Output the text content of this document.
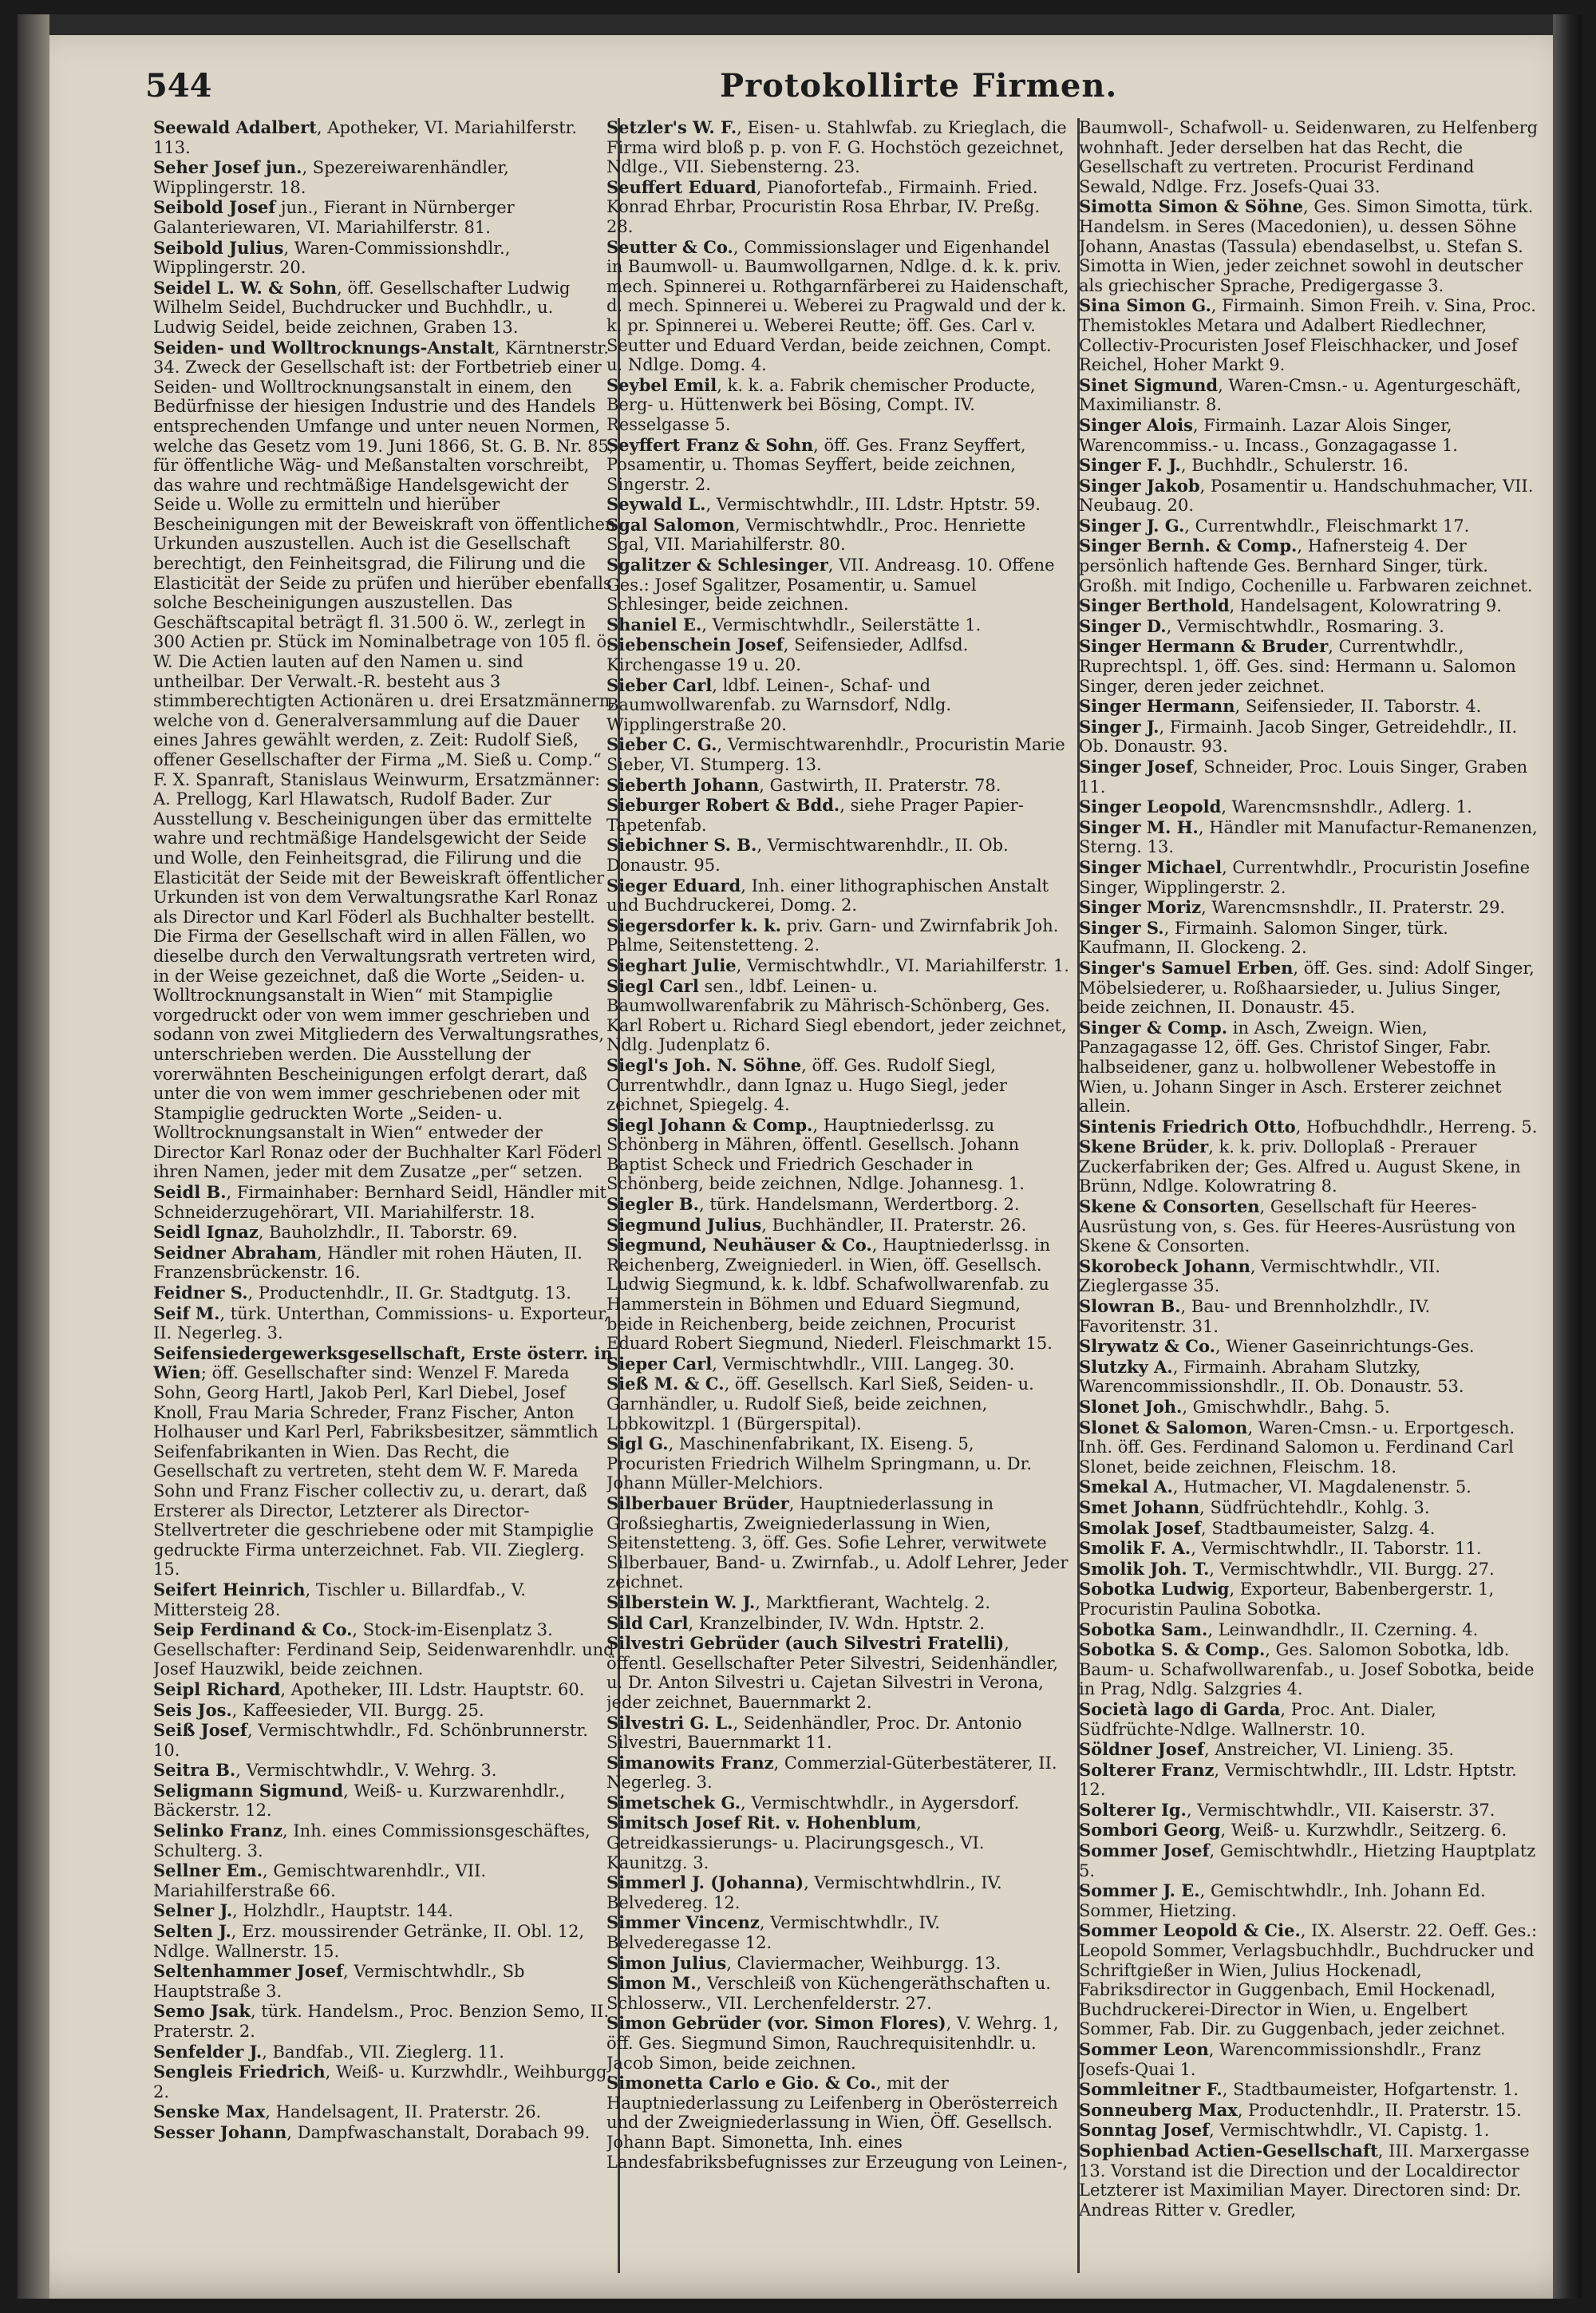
544	Protokollirte Firmen.
Seewald Adalbert, Apotheker, VI. Mariahilferstr. 113.
Seher Josef jun., Spezereiwarenhändler, Wipplingerstr. 18.
Seibold Josef jun., Fierant in Nürnberger Galanteriewaren, VI. Mariahilferstr. 81.
Seibold Julius, Waren-Commissionshdlr., Wipplingerstr. 20.
Seidel L. W. & Sohn, öff. Gesellschafter Ludwig Wilhelm Seidel, Buchdrucker und Buchhdlr., u. Ludwig Seidel, beide zeichnen, Graben 13.
Seiden- und Wolltrocknungs-Anstalt, Kärntnerstr. 34. Zweck der Gesellschaft ist: der Fortbetrieb einer Seiden- und Wolltrocknungsanstalt in einem, den Bedürfnisse der hiesigen Industrie und des Handels entsprechenden Umfange und unter neuen Normen, welche das Gesetz vom 19. Juni 1866, St. G. B. Nr. 85, für öffentliche Wäg- und Meßanstalten vorschreibt, das wahre und rechtmäßige Handelsgewicht der Seide u. Wolle zu ermitteln und hierüber Bescheinigungen mit der Beweiskraft von öffentlichen Urkunden auszustellen. Auch ist die Gesellschaft berechtigt, den Feinheitsgrad, die Filirung und die Elasticität der Seide zu prüfen und hierüber ebenfalls solche Bescheinigungen auszustellen. Das Geschäftscapital beträgt fl. 31.500 ö. W., zerlegt in 300 Actien pr. Stück im Nominalbetrage von 105 fl. ö. W. Die Actien lauten auf den Namen u. sind untheilbar. Der Verwalt.-R. besteht aus 3 stimmberechtigten Actionären u. drei Ersatzmännern, welche von d. Generalversammlung auf die Dauer eines Jahres gewählt werden, z. Zeit: Rudolf Sieß, offener Gesellschafter der Firma „M. Sieß u. Comp.“ F. X. Spanraft, Stanislaus Weinwurm, Ersatzmänner: A. Prellogg, Karl Hlawatsch, Rudolf Bader. Zur Ausstellung v. Bescheinigungen über das ermittelte wahre und rechtmäßige Handelsgewicht der Seide und Wolle, den Feinheitsgrad, die Filirung und die Elasticität der Seide mit der Beweiskraft öffentlicher Urkunden ist von dem Verwaltungsrathe Karl Ronaz als Director und Karl Föderl als Buchhalter bestellt. Die Firma der Gesellschaft wird in allen Fällen, wo dieselbe durch den Verwaltungsrath vertreten wird, in der Weise gezeichnet, daß die Worte „Seiden- u. Wolltrocknungsanstalt in Wien“ mit Stampiglie vorgedruckt oder von wem immer geschrieben und sodann von zwei Mitgliedern des Verwaltungsrathes, unterschrieben werden. Die Ausstellung der vorerwähnten Bescheinigungen erfolgt derart, daß unter die von wem immer geschriebenen oder mit Stampiglie gedruckten Worte „Seiden- u. Wolltrocknungsanstalt in Wien“ entweder der Director Karl Ronaz oder der Buchhalter Karl Föderl ihren Namen, jeder mit dem Zusatze „per“ setzen.
Seidl B., Firmainhaber: Bernhard Seidl, Händler mit Schneiderzugehörart, VII. Mariahilferstr. 18.
Seidl Ignaz, Bauholzhdlr., II. Taborstr. 69.
Seidner Abraham, Händler mit rohen Häuten, II. Franzensbrückenstr. 16.
Feidner S., Productenhdlr., II. Gr. Stadtgutg. 13.
Seif M., türk. Unterthan, Commissions- u. Exporteur, II. Negerleg. 3.
Seifensiedergewerksgesellschaft, Erste österr. in Wien; öff. Gesellschafter sind: Wenzel F. Mareda Sohn, Georg Hartl, Jakob Perl, Karl Diebel, Josef Knoll, Frau Maria Schreder, Franz Fischer, Anton Holhauser und Karl Perl, Fabriksbesitzer, sämmtlich Seifenfabrikanten in Wien. Das Recht, die Gesellschaft zu vertreten, steht dem W. F. Mareda Sohn und Franz Fischer collectiv zu, u. derart, daß Ersterer als Director, Letzterer als Director-Stellvertreter die geschriebene oder mit Stampiglie gedruckte Firma unterzeichnet. Fab. VII. Zieglerg. 15.
Seifert Heinrich, Tischler u. Billardfab., V. Mittersteig 28.
Seip Ferdinand & Co., Stock-im-Eisenplatz 3. Gesellschafter: Ferdinand Seip, Seidenwarenhdlr. und Josef Hauzwikl, beide zeichnen.
Seipl Richard, Apotheker, III. Ldstr. Hauptstr. 60.
Seis Jos., Kaffeesieder, VII. Burgg. 25.
Seiß Josef, Vermischtwhdlr., Fd. Schönbrunnerstr. 10.
Seitra B., Vermischtwhdlr., V. Wehrg. 3.
Seligmann Sigmund, Weiß- u. Kurzwarenhdlr., Bäckerstr. 12.
Selinko Franz, Inh. eines Commissionsgeschäftes, Schulterg. 3.
Sellner Em., Gemischtwarenhdlr., VII. Mariahilferstraße 66.
Selner J., Holzhdlr., Hauptstr. 144.
Selten J., Erz. moussirender Getränke, II. Obl. 12, Ndlge. Wallnerstr. 15.
Seltenhammer Josef, Vermischtwhdlr., Sb Hauptstraße 3.
Semo Jsak, türk. Handelsm., Proc. Benzion Semo, II. Praterstr. 2.
Senfelder J., Bandfab., VII. Zieglerg. 11.
Sengleis Friedrich, Weiß- u. Kurzwhdlr., Weihburgg. 2.
Senske Max, Handelsagent, II. Praterstr. 26.
Sesser Johann, Dampfwaschanstalt, Dorabach 99.
Setzler's W. F., Eisen- u. Stahlwfab. zu Krieglach, die Firma wird bloß p. p. von F. G. Hochstöch gezeichnet, Ndlge., VII. Siebensterng. 23.
Seuffert Eduard, Pianofortefab., Firmainh. Fried. Konrad Ehrbar, Procuristin Rosa Ehrbar, IV. Preßg. 28.
Seutter & Co., Commissionslager und Eigenhandel in Baumwoll- u. Baumwollgarnen, Ndlge. d. k. k. priv. mech. Spinnerei u. Rothgarnfärberei zu Haidenschaft, d. mech. Spinnerei u. Weberei zu Pragwald und der k. k. pr. Spinnerei u. Weberei Reutte; öff. Ges. Carl v. Seutter und Eduard Verdan, beide zeichnen, Compt. u. Ndlge. Domg. 4.
Seybel Emil, k. k. a. Fabrik chemischer Producte, Berg- u. Hüttenwerk bei Bösing, Compt. IV. Resselgasse 5.
Seyffert Franz & Sohn, öff. Ges. Franz Seyffert, Posamentir, u. Thomas Seyffert, beide zeichnen, Singerstr. 2.
Seywald L., Vermischtwhdlr., III. Ldstr. Hptstr. 59.
Sgal Salomon, Vermischtwhdlr., Proc. Henriette Sgal, VII. Mariahilferstr. 80.
Sgalitzer & Schlesinger, VII. Andreasg. 10. Offene Ges.: Josef Sgalitzer, Posamentir, u. Samuel Schlesinger, beide zeichnen.
Shaniel E., Vermischtwhdlr., Seilerstätte 1.
Siebenschein Josef, Seifensieder, Adlfsd. Kirchengasse 19 u. 20.
Sieber Carl, ldbf. Leinen-, Schaf- und Baumwollwarenfab. zu Warnsdorf, Ndlg. Wipplingerstraße 20.
Sieber C. G., Vermischtwarenhdlr., Procuristin Marie Sieber, VI. Stumperg. 13.
Sieberth Johann, Gastwirth, II. Praterstr. 78.
Sieburger Robert & Bdd., siehe Prager Papier-Tapetenfab.
Siebichner S. B., Vermischtwarenhdlr., II. Ob. Donaustr. 95.
Sieger Eduard, Inh. einer lithographischen Anstalt und Buchdruckerei, Domg. 2.
Siegersdorfer k. k. priv. Garn- und Zwirnfabrik Joh. Palme, Seitenstetteng. 2.
Sieghart Julie, Vermischtwhdlr., VI. Mariahilferstr. 1.
Siegl Carl sen., ldbf. Leinen- u. Baumwollwarenfabrik zu Mährisch-Schönberg, Ges. Karl Robert u. Richard Siegl ebendort, jeder zeichnet, Ndlg. Judenplatz 6.
Siegl's Joh. N. Söhne, öff. Ges. Rudolf Siegl, Currentwhdlr., dann Ignaz u. Hugo Siegl, jeder zeichnet, Spiegelg. 4.
Siegl Johann & Comp., Hauptniederlssg. zu Schönberg in Mähren, öffentl. Gesellsch. Johann Baptist Scheck und Friedrich Geschader in Schönberg, beide zeichnen, Ndlge. Johannesg. 1.
Siegler B., türk. Handelsmann, Werdertborg. 2.
Siegmund Julius, Buchhändler, II. Praterstr. 26.
Siegmund, Neuhäuser & Co., Hauptniederlssg. in Reichenberg, Zweigniederl. in Wien, öff. Gesellsch. Ludwig Siegmund, k. k. ldbf. Schafwollwarenfab. zu Hammerstein in Böhmen und Eduard Siegmund, beide in Reichenberg, beide zeichnen, Procurist Eduard Robert Siegmund, Niederl. Fleischmarkt 15.
Sieper Carl, Vermischtwhdlr., VIII. Langeg. 30.
Sieß M. & C., öff. Gesellsch. Karl Sieß, Seiden- u. Garnhändler, u. Rudolf Sieß, beide zeichnen, Lobkowitzpl. 1 (Bürgerspital).
Sigl G., Maschinenfabrikant, IX. Eiseng. 5, Procuristen Friedrich Wilhelm Springmann, u. Dr. Johann Müller-Melchiors.
Silberbauer Brüder, Hauptniederlassung in Großsieghartis, Zweigniederlassung in Wien, Seitenstetteng. 3, öff. Ges. Sofie Lehrer, verwitwete Silberbauer, Band- u. Zwirnfab., u. Adolf Lehrer, Jeder zeichnet.
Silberstein W. J., Marktfierant, Wachtelg. 2.
Sild Carl, Kranzelbinder, IV. Wdn. Hptstr. 2.
Silvestri Gebrüder (auch Silvestri Fratelli), öffentl. Gesellschafter Peter Silvestri, Seidenhändler, u. Dr. Anton Silvestri u. Cajetan Silvestri in Verona, jeder zeichnet, Bauernmarkt 2.
Silvestri G. L., Seidenhändler, Proc. Dr. Antonio Silvestri, Bauernmarkt 11.
Simanowits Franz, Commerzial-Güterbestäterer, II. Negerleg. 3.
Simetschek G., Vermischtwhdlr., in Aygersdorf.
Simitsch Josef Rit. v. Hohenblum, Getreidkassierungs- u. Placirungsgesch., VI. Kaunitzg. 3.
Simmerl J. (Johanna), Vermischtwhdlrin., IV. Belvedereg. 12.
Simmer Vincenz, Vermischtwhdlr., IV. Belvederegasse 12.
Simon Julius, Claviermacher, Weihburgg. 13.
Simon M., Verschleiß von Küchengeräthschaften u. Schlosserw., VII. Lerchenfelderstr. 27.
Simon Gebrüder (vor. Simon Flores), V. Wehrg. 1, öff. Ges. Siegmund Simon, Rauchrequisitenhdlr. u. Jacob Simon, beide zeichnen.
Simonetta Carlo e Gio. & Co., mit der Hauptniederlassung zu Leifenberg in Oberösterreich und der Zweigniederlassung in Wien, Öff. Gesellsch. Johann Bapt. Simonetta, Inh. eines Landesfabriksbefugnisses zur Erzeugung von Leinen-,
Baumwoll-, Schafwoll- u. Seidenwaren, zu Helfenberg wohnhaft. Jeder derselben hat das Recht, die Gesellschaft zu vertreten. Procurist Ferdinand Sewald, Ndlge. Frz. Josefs-Quai 33.
Simotta Simon & Söhne, Ges. Simon Simotta, türk. Handelsm. in Seres (Macedonien), u. dessen Söhne Johann, Anastas (Tassula) ebendaselbst, u. Stefan S. Simotta in Wien, jeder zeichnet sowohl in deutscher als griechischer Sprache, Predigergasse 3.
Sina Simon G., Firmainh. Simon Freih. v. Sina, Proc. Themistokles Metara und Adalbert Riedlechner, Collectiv-Procuristen Josef Fleischhacker, und Josef Reichel, Hoher Markt 9.
Sinet Sigmund, Waren-Cmsn.- u. Agenturgeschäft, Maximilianstr. 8.
Singer Alois, Firmainh. Lazar Alois Singer, Warencommiss.- u. Incass., Gonzagagasse 1.
Singer F. J., Buchhdlr., Schulerstr. 16.
Singer Jakob, Posamentir u. Handschuhmacher, VII. Neubaug. 20.
Singer J. G., Currentwhdlr., Fleischmarkt 17.
Singer Bernh. & Comp., Hafnersteig 4. Der persönlich haftende Ges. Bernhard Singer, türk. Großh. mit Indigo, Cochenille u. Farbwaren zeichnet.
Singer Berthold, Handelsagent, Kolowratring 9.
Singer D., Vermischtwhdlr., Rosmaring. 3.
Singer Hermann & Bruder, Currentwhdlr., Ruprechtspl. 1, öff. Ges. sind: Hermann u. Salomon Singer, deren jeder zeichnet.
Singer Hermann, Seifensieder, II. Taborstr. 4.
Singer J., Firmainh. Jacob Singer, Getreidehdlr., II. Ob. Donaustr. 93.
Singer Josef, Schneider, Proc. Louis Singer, Graben 11.
Singer Leopold, Warencmsnshdlr., Adlerg. 1.
Singer M. H., Händler mit Manufactur-Remanenzen, Sterng. 13.
Singer Michael, Currentwhdlr., Procuristin Josefine Singer, Wipplingerstr. 2.
Singer Moriz, Warencmsnshdlr., II. Praterstr. 29.
Singer S., Firmainh. Salomon Singer, türk. Kaufmann, II. Glockeng. 2.
Singer's Samuel Erben, öff. Ges. sind: Adolf Singer, Möbelsiederer, u. Roßhaarsieder, u. Julius Singer, beide zeichnen, II. Donaustr. 45.
Singer & Comp. in Asch, Zweign. Wien, Panzagagasse 12, öff. Ges. Christof Singer, Fabr. halbseidener, ganz u. holbwollener Webestoffe in Wien, u. Johann Singer in Asch. Ersterer zeichnet allein.
Sintenis Friedrich Otto, Hofbuchdhdlr., Herreng. 5.
Skene Brüder, k. k. priv. Dolloplaß - Prerauer Zuckerfabriken der; Ges. Alfred u. August Skene, in Brünn, Ndlge. Kolowratring 8.
Skene & Consorten, Gesellschaft für Heeres-Ausrüstung von, s. Ges. für Heeres-Ausrüstung von Skene & Consorten.
Skorobeck Johann, Vermischtwhdlr., VII. Zieglergasse 35.
Slowran B., Bau- und Brennholzhdlr., IV. Favoritenstr. 31.
Slrywatz & Co., Wiener Gaseinrichtungs-Ges.
Slutzky A., Firmainh. Abraham Slutzky, Warencommissionshdlr., II. Ob. Donaustr. 53.
Slonet Joh., Gmischwhdlr., Bahg. 5.
Slonet & Salomon, Waren-Cmsn.- u. Erportgesch. Inh. öff. Ges. Ferdinand Salomon u. Ferdinand Carl Slonet, beide zeichnen, Fleischm. 18.
Smekal A., Hutmacher, VI. Magdalenenstr. 5.
Smet Johann, Südfrüchtehdlr., Kohlg. 3.
Smolak Josef, Stadtbaumeister, Salzg. 4.
Smolik F. A., Vermischtwhdlr., II. Taborstr. 11.
Smolik Joh. T., Vermischtwhdlr., VII. Burgg. 27.
Sobotka Ludwig, Exporteur, Babenbergerstr. 1, Procuristin Paulina Sobotka.
Sobotka Sam., Leinwandhdlr., II. Czerning. 4.
Sobotka S. & Comp., Ges. Salomon Sobotka, ldb. Baum- u. Schafwollwarenfab., u. Josef Sobotka, beide in Prag, Ndlg. Salzgries 4.
Società lago di Garda, Proc. Ant. Dialer, Südfrüchte-Ndlge. Wallnerstr. 10.
Söldner Josef, Anstreicher, VI. Linieng. 35.
Solterer Franz, Vermischtwhdlr., III. Ldstr. Hptstr. 12.
Solterer Ig., Vermischtwhdlr., VII. Kaiserstr. 37.
Sombori Georg, Weiß- u. Kurzwhdlr., Seitzerg. 6.
Sommer Josef, Gemischtwhdlr., Hietzing Hauptplatz 5.
Sommer J. E., Gemischtwhdlr., Inh. Johann Ed. Sommer, Hietzing.
Sommer Leopold & Cie., IX. Alserstr. 22. Oeff. Ges.: Leopold Sommer, Verlagsbuchhdlr., Buchdrucker und Schriftgießer in Wien, Julius Hockenadl, Fabriksdirector in Guggenbach, Emil Hockenadl, Buchdruckerei-Director in Wien, u. Engelbert Sommer, Fab. Dir. zu Guggenbach, jeder zeichnet.
Sommer Leon, Warencommissionshdlr., Franz Josefs-Quai 1.
Sommleitner F., Stadtbaumeister, Hofgartenstr. 1.
Sonneuberg Max, Productenhdlr., II. Praterstr. 15.
Sonntag Josef, Vermischtwhdlr., VI. Capistg. 1.
Sophienbad Actien-Gesellschaft, III. Marxergasse 13. Vorstand ist die Direction und der Localdirector Letzterer ist Maximilian Mayer. Directoren sind: Dr. Andreas Ritter v. Gredler,
